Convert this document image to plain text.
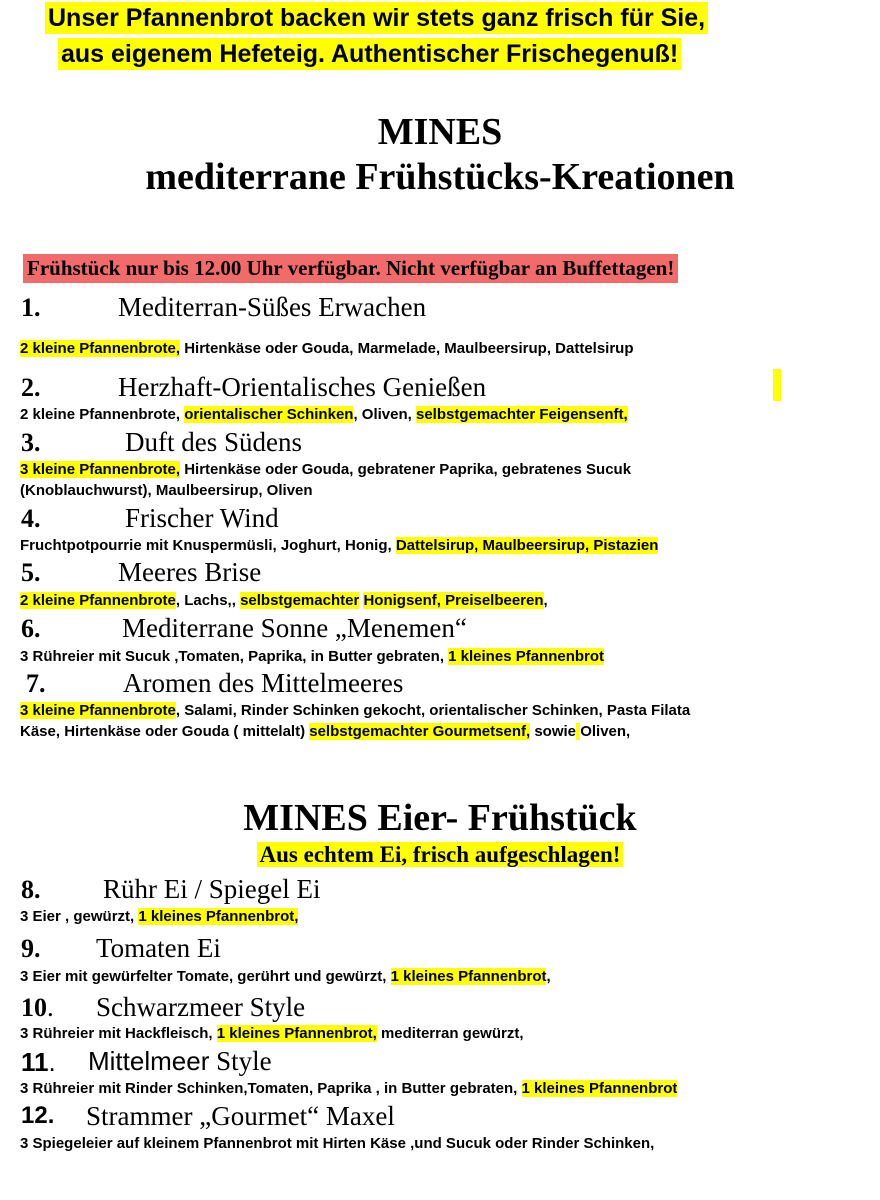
Unser Pfannenbrot backen wir stets ganz frisch für Sie,
aus eigenem Hefeteig. Authentischer Frischegenuß!
MINES
mediterrane Frühstücks-Kreationen
Frühstück nur bis 12.00 Uhr verfügbar. Nicht verfügbar an Buffettagen!
1.	Mediterran-Süßes Erwachen
2 kleine Pfannenbrote, Hirtenkäse oder Gouda, Marmelade, Maulbeersirup, Dattelsirup
2.	Herzhaft-Orientalisches Genießen
2 kleine Pfannenbrote, orientalischer Schinken, Oliven, selbstgemachter Feigensenft,
3.	Duft des Südens
3 kleine Pfannenbrote, Hirtenkäse oder Gouda, gebratener Paprika, gebratenes Sucuk
(Knoblauchwurst), Maulbeersirup, Oliven
4.	Frischer Wind
Fruchtpotpourrie mit Knuspermüsli, Joghurt, Honig, Dattelsirup, Maulbeersirup, Pistazien
5.	Meeres Brise
2 kleine Pfannenbrote, Lachs,, selbstgemachter Honigsenf, Preiselbeeren,
6.	Mediterrane Sonne „Menemen“
3 Rühreier mit Sucuk ,Tomaten, Paprika, in Butter gebraten, 1 kleines Pfannenbrot
7.	Aromen des Mittelmeeres
3 kleine Pfannenbrote, Salami, Rinder Schinken gekocht, orientalischer Schinken, Pasta Filata
Käse, Hirtenkäse oder Gouda ( mittelalt) selbstgemachter Gourmetsenf, sowie Oliven,
MINES Eier- Frühstück
Aus echtem Ei, frisch aufgeschlagen!
8. Rühr Ei / Spiegel Ei
3 Eier , gewürzt, 1 kleines Pfannenbrot,
9. Tomaten Ei
3 Eier mit gewürfelter Tomate, gerührt und gewürzt, 1 kleines Pfannenbrot,
10. Schwarzmeer Style
3 Rühreier mit Hackfleisch, 1 kleines Pfannenbrot, mediterran gewürzt,
11. Mittelmeer Style
3 Rühreier mit Rinder Schinken,Tomaten, Paprika , in Butter gebraten, 1 kleines Pfannenbrot
12. Strammer „Gourmet“ Maxel
3 Spiegeleier auf kleinem Pfannenbrot mit Hirten Käse ,und Sucuk oder Rinder Schinken,
